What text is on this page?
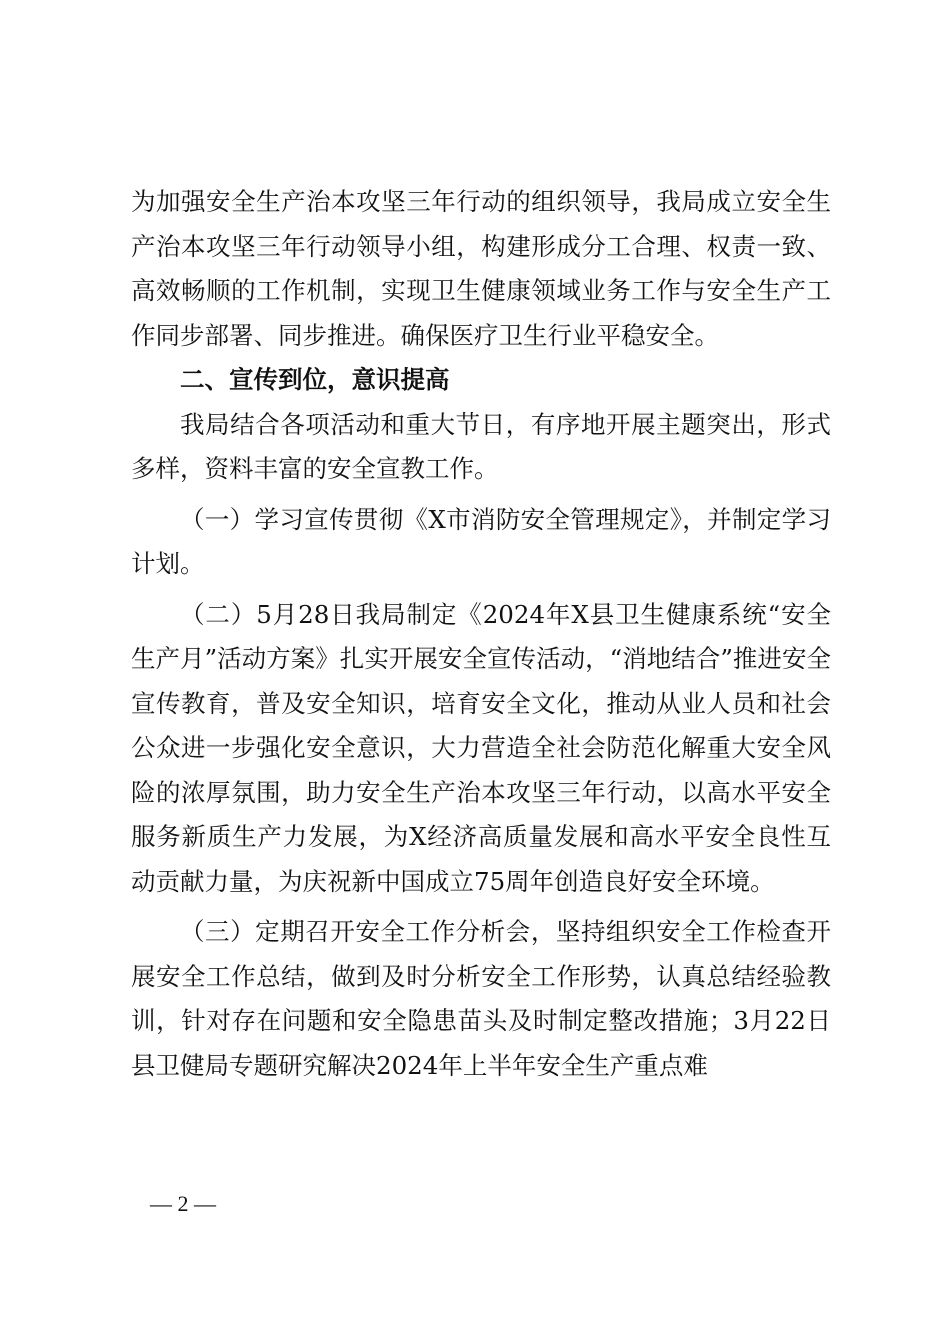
为加强安全生产治本攻坚三年行动的组织领导，我局成立安全生产治本攻坚三年行动领导小组，构建形成分工合理、权责一致、高效畅顺的工作机制，实现卫生健康领域业务工作与安全生产工作同步部署、同步推进。确保医疗卫生行业平稳安全。

二、宣传到位，意识提高

我局结合各项活动和重大节日，有序地开展主题突出，形式多样，资料丰富的安全宣教工作。

（一）学习宣传贯彻《X市消防安全管理规定》，并制定学习计划。

（二）5月28日我局制定《2024年X县卫生健康系统“安全生产月”活动方案》扎实开展安全宣传活动，“消地结合”推进安全宣传教育，普及安全知识，培育安全文化，推动从业人员和社会公众进一步强化安全意识，大力营造全社会防范化解重大安全风险的浓厚氛围，助力安全生产治本攻坚三年行动，以高水平安全服务新质生产力发展，为X经济高质量发展和高水平安全良性互动贡献力量，为庆祝新中国成立75周年创造良好安全环境。

（三）定期召开安全工作分析会，坚持组织安全工作检查开展安全工作总结，做到及时分析安全工作形势，认真总结经验教训，针对存在问题和安全隐患苗头及时制定整改措施；3月22日县卫健局专题研究解决2024年上半年安全生产重点难

— 2 —
